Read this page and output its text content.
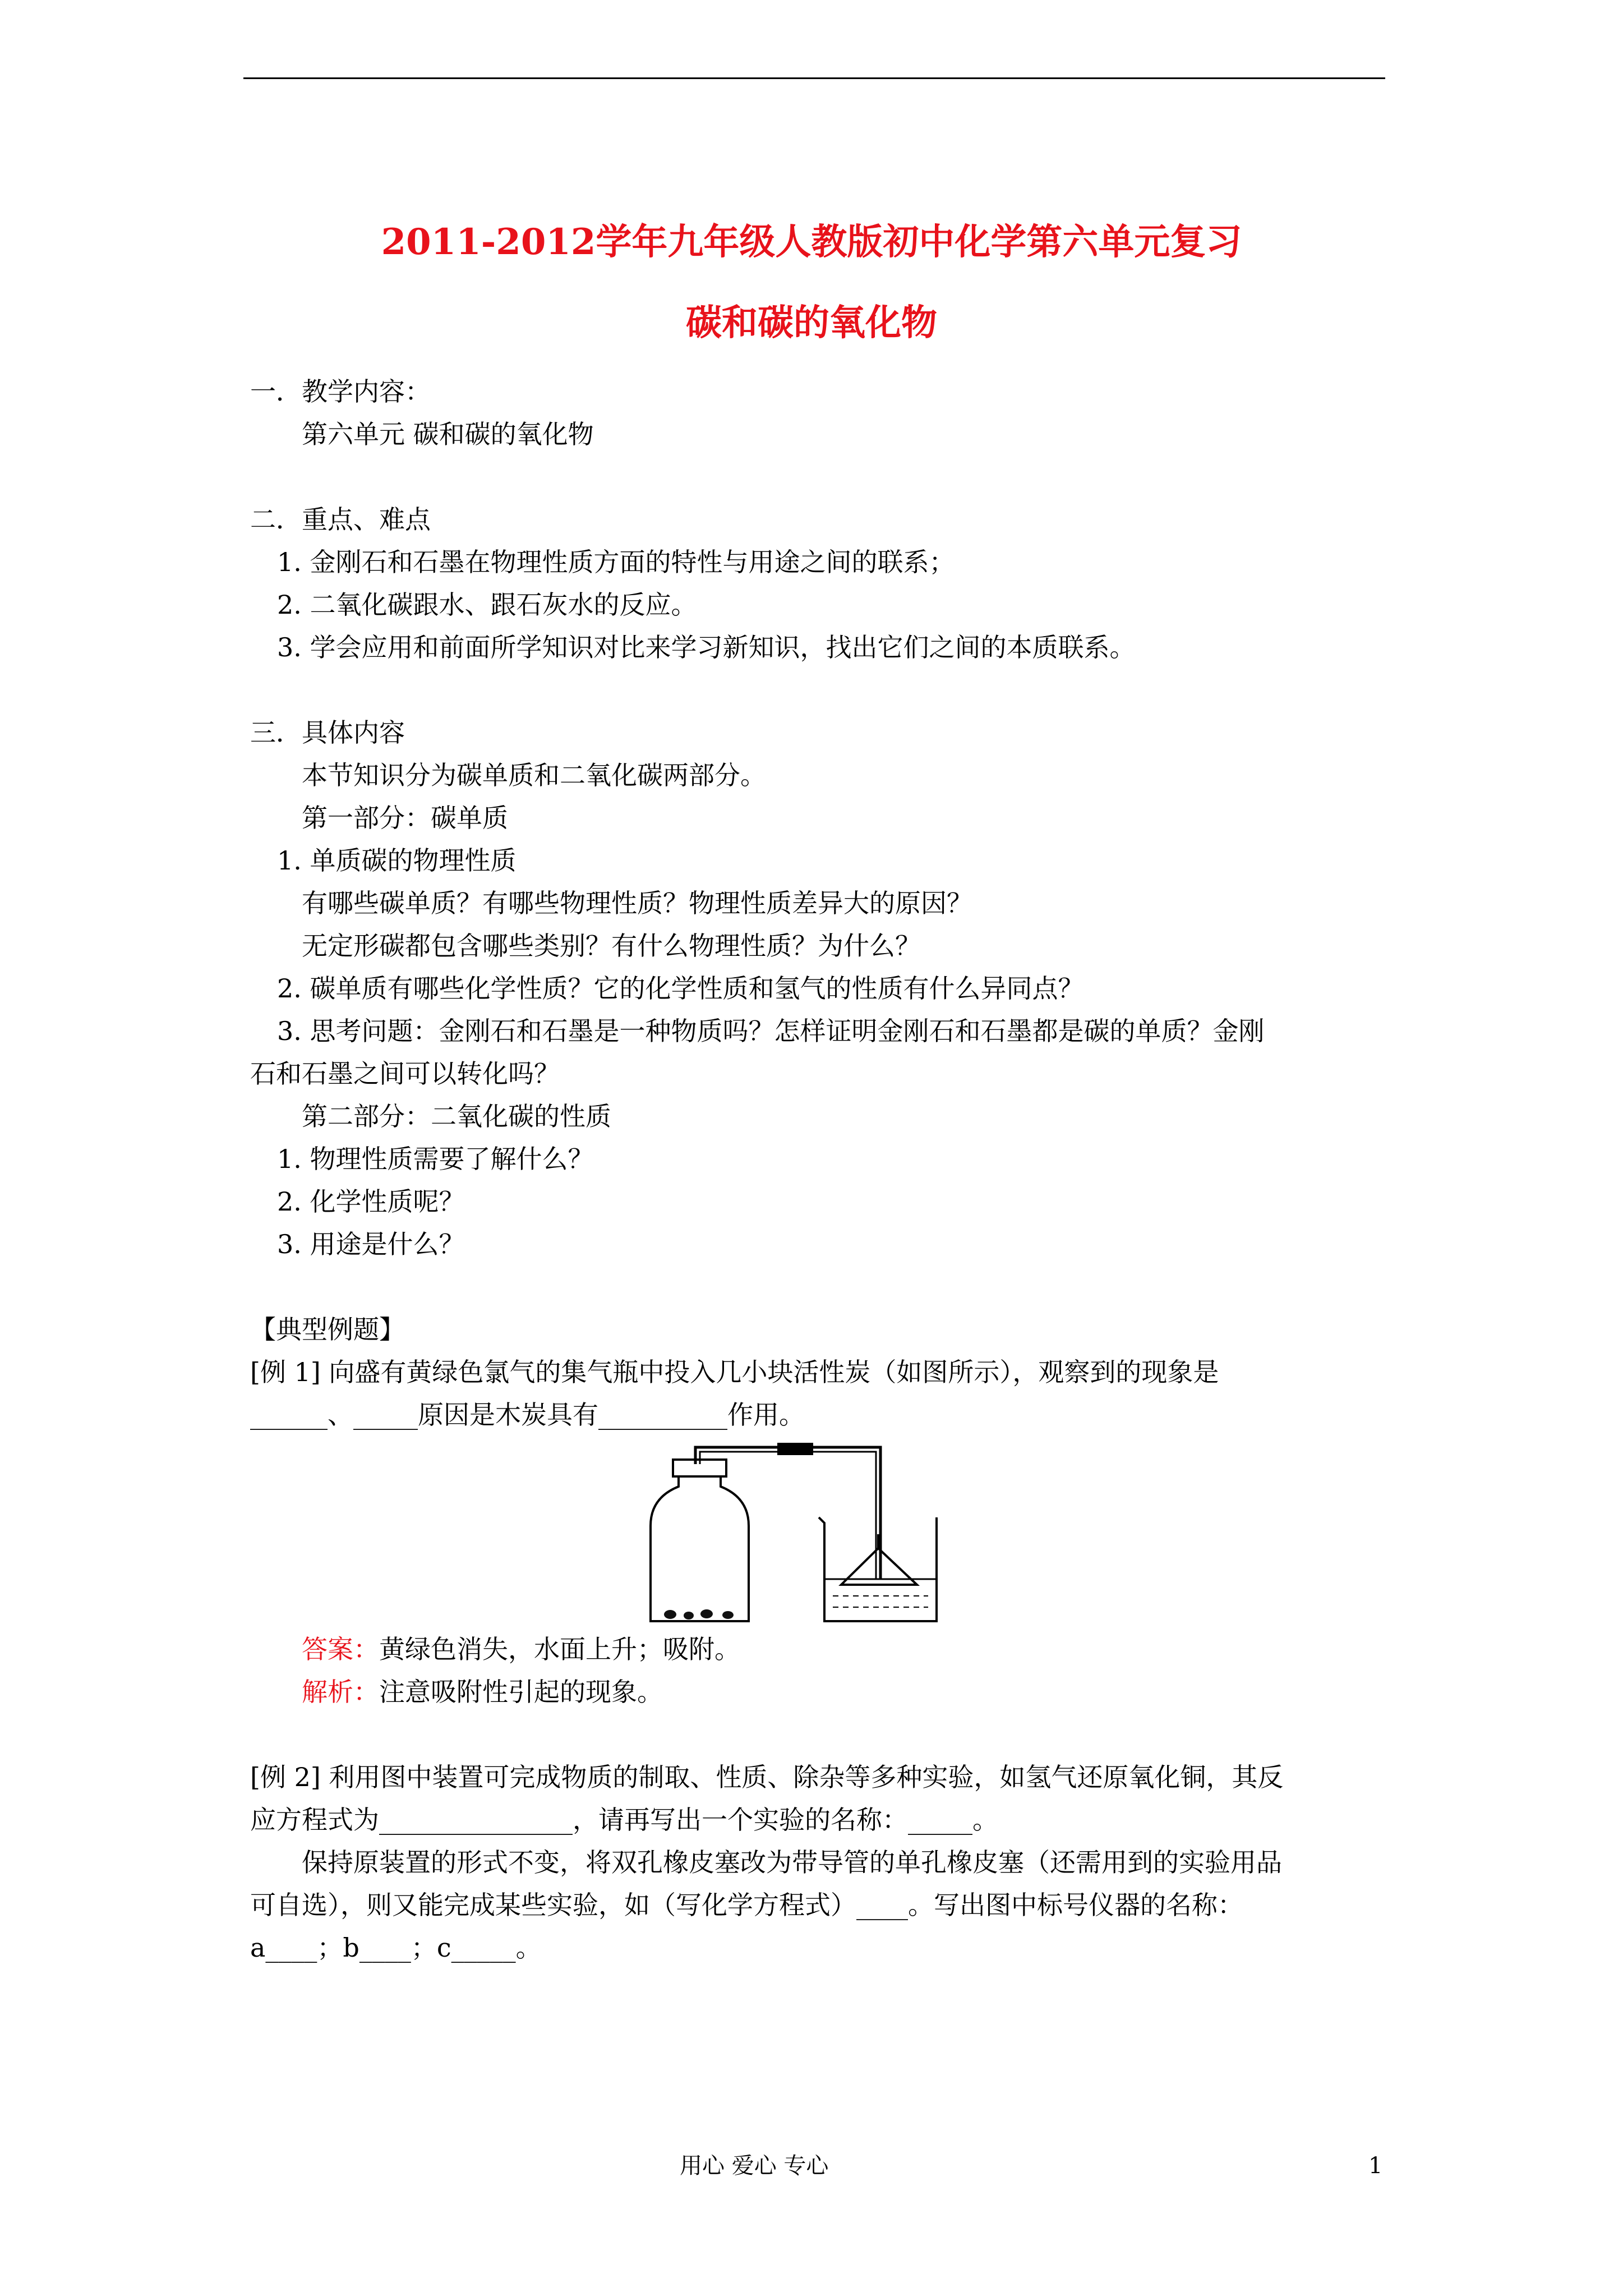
2011-2012学年九年级人教版初中化学第六单元复习
碳和碳的氧化物
一．教学内容：
第六单元 碳和碳的氧化物
二．重点、难点
1. 金刚石和石墨在物理性质方面的特性与用途之间的联系；
2. 二氧化碳跟水、跟石灰水的反应。
3. 学会应用和前面所学知识对比来学习新知识，找出它们之间的本质联系。
三．具体内容
本节知识分为碳单质和二氧化碳两部分。
第一部分：碳单质
1. 单质碳的物理性质
有哪些碳单质？有哪些物理性质？物理性质差异大的原因？
无定形碳都包含哪些类别？有什么物理性质？为什么？
2. 碳单质有哪些化学性质？它的化学性质和氢气的性质有什么异同点？
3. 思考问题：金刚石和石墨是一种物质吗？怎样证明金刚石和石墨都是碳的单质？金刚
石和石墨之间可以转化吗？
第二部分：二氧化碳的性质
1. 物理性质需要了解什么？
2. 化学性质呢？
3. 用途是什么？
【典型例题】
[例 1] 向盛有黄绿色氯气的集气瓶中投入几小块活性炭（如图所示），观察到的现象是
______、_____原因是木炭具有__________作用。
答案：黄绿色消失，水面上升；吸附。
解析：注意吸附性引起的现象。
[例 2] 利用图中装置可完成物质的制取、性质、除杂等多种实验，如氢气还原氧化铜，其反
应方程式为_______________，请再写出一个实验的名称：_____。
保持原装置的形式不变，将双孔橡皮塞改为带导管的单孔橡皮塞（还需用到的实验用品
可自选），则又能完成某些实验，如（写化学方程式）____。写出图中标号仪器的名称：
a____；b____；c_____。
用心 爱心 专心	1
